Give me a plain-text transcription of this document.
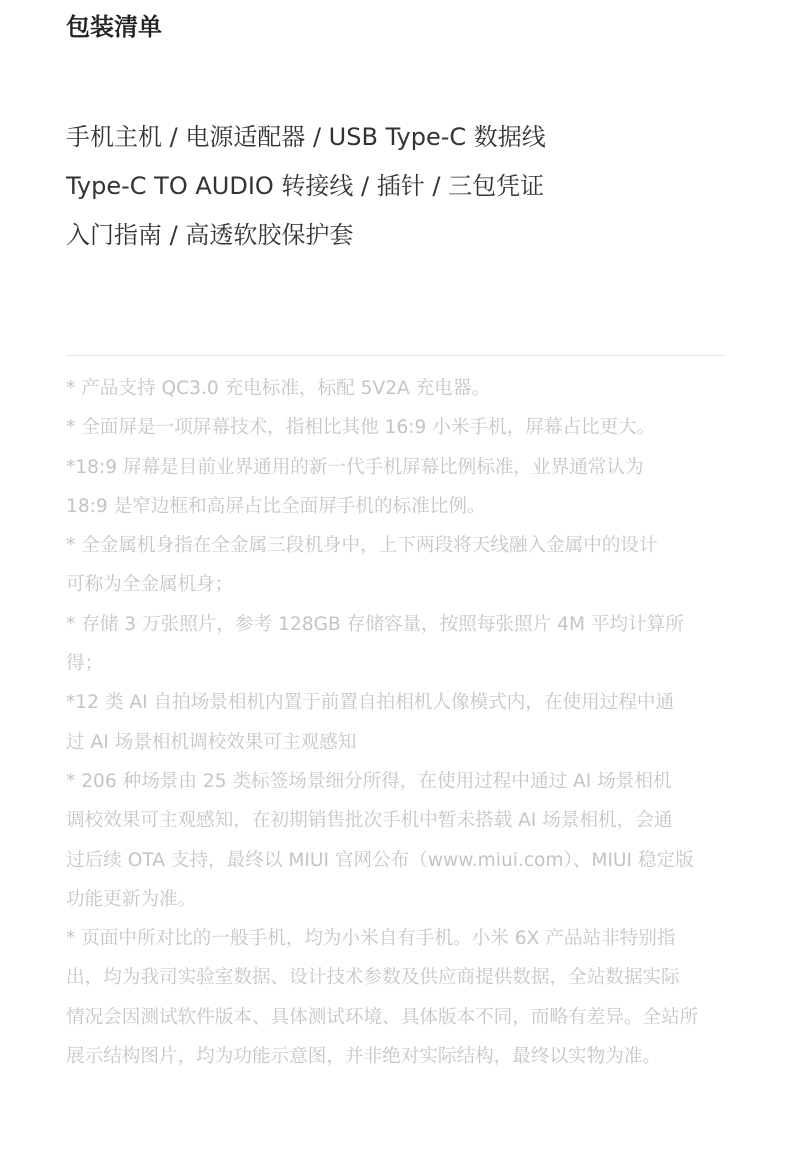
包装清单
手机主机 / 电源适配器 / USB Type-C 数据线
Type-C TO AUDIO 转接线 / 插针 / 三包凭证
入门指南 / 高透软胶保护套
* 产品支持 QC3.0 充电标准，标配 5V2A 充电器。
* 全面屏是一项屏幕技术，指相比其他 16:9 小米手机，屏幕占比更大。
*18:9 屏幕是目前业界通用的新一代手机屏幕比例标准，业界通常认为
18:9 是窄边框和高屏占比全面屏手机的标准比例。
* 全金属机身指在全金属三段机身中，上下两段将天线融入金属中的设计
可称为全金属机身；
* 存储 3 万张照片，参考 128GB 存储容量，按照每张照片 4M 平均计算所
得；
*12 类 AI 自拍场景相机内置于前置自拍相机人像模式内，在使用过程中通
过 AI 场景相机调校效果可主观感知
* 206 种场景由 25 类标签场景细分所得，在使用过程中通过 AI 场景相机
调校效果可主观感知，在初期销售批次手机中暂未搭载 AI 场景相机，会通
过后续 OTA 支持，最终以 MIUI 官网公布（www.miui.com）、MIUI 稳定版
功能更新为准。
* 页面中所对比的一般手机，均为小米自有手机。小米 6X 产品站非特别指
出，均为我司实验室数据、设计技术参数及供应商提供数据，全站数据实际
情况会因测试软件版本、具体测试环境、具体版本不同，而略有差异。全站所
展示结构图片，均为功能示意图，并非绝对实际结构，最终以实物为准。
